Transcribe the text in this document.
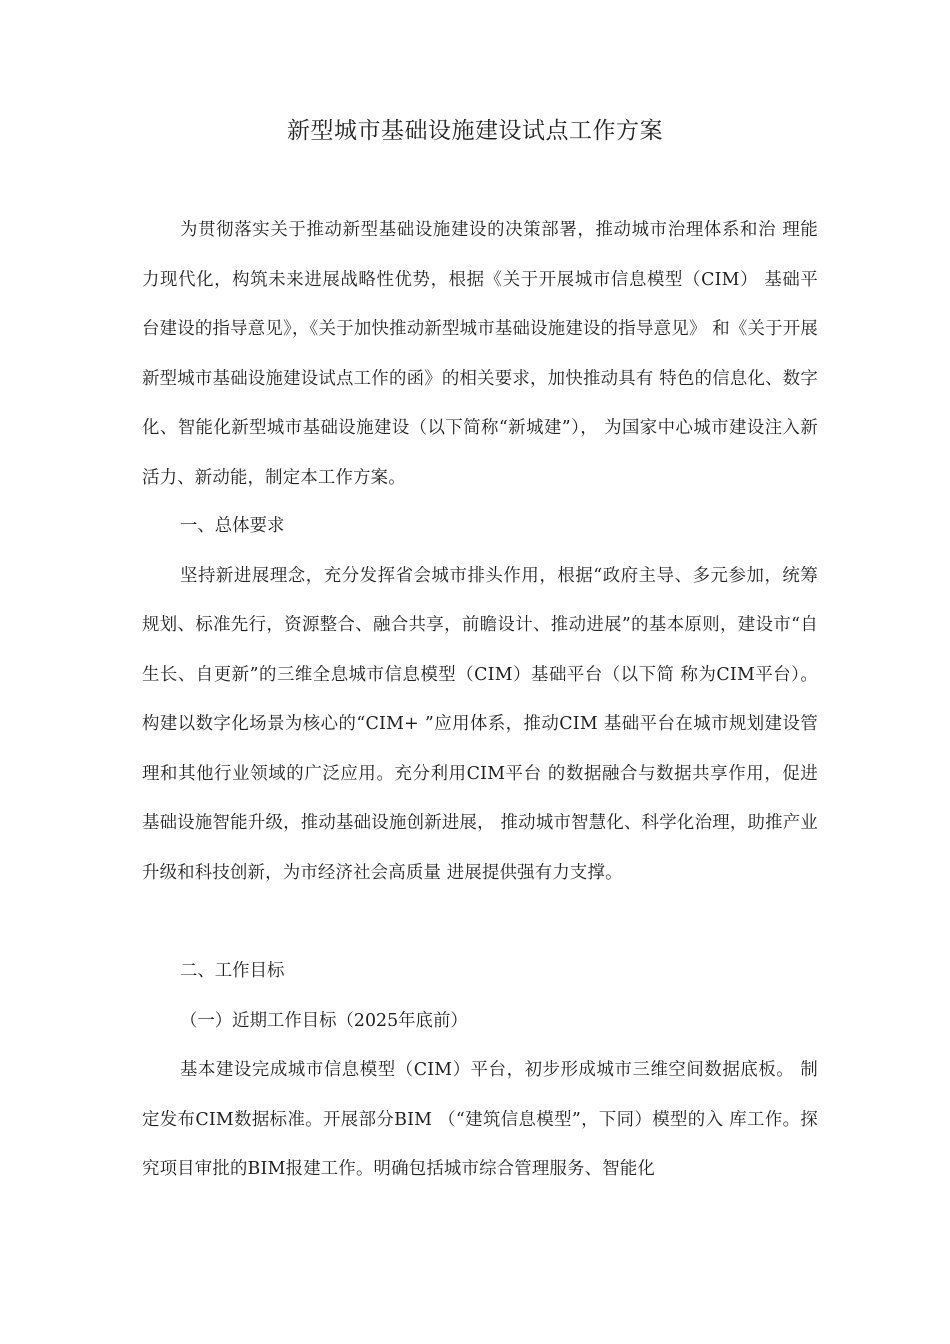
新型城市基础设施建设试点工作方案

为贯彻落实关于推动新型基础设施建设的决策部署，推动城市治理体系和治 理能力现代化，构筑未来进展战略性优势，根据《关于开展城市信息模型（CIM） 基础平台建设的指导意见》，《关于加快推动新型城市基础设施建设的指导意见》 和《关于开展新型城市基础设施建设试点工作的函》的相关要求，加快推动具有 特色的信息化、数字化、智能化新型城市基础设施建设（以下简称“新城建”）， 为国家中心城市建设注入新活力、新动能，制定本工作方案。

一、总体要求

坚持新进展理念，充分发挥省会城市排头作用，根据“政府主导、多元参加，统筹规划、标准先行，资源整合、融合共享，前瞻设计、推动进展”的基本原则，建设市“自生长、自更新”的三维全息城市信息模型（CIM）基础平台（以下简 称为CIM平台）。构建以数字化场景为核心的“CIM+ ”应用体系，推动CIM 基础平台在城市规划建设管理和其他行业领域的广泛应用。充分利用CIM平台 的数据融合与数据共享作用，促进基础设施智能升级，推动基础设施创新进展， 推动城市智慧化、科学化治理，助推产业升级和科技创新，为市经济社会高质量 进展提供强有力支撑。

二、工作目标

（一）近期工作目标（2025年底前）

基本建设完成城市信息模型（CIM）平台，初步形成城市三维空间数据底板。 制定发布CIM数据标准。开展部分BIM （“建筑信息模型”，下同）模型的入 库工作。探究项目审批的BIM报建工作。明确包括城市综合管理服务、智能化
